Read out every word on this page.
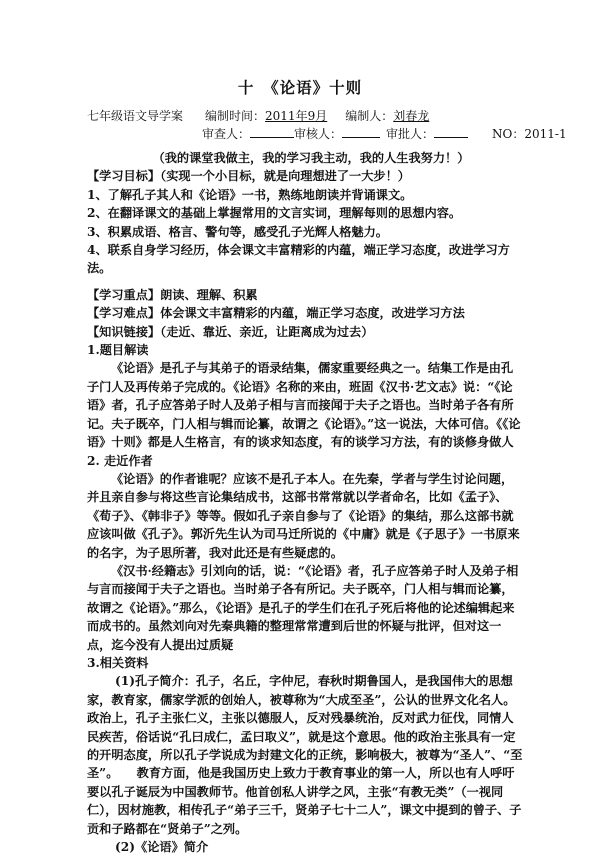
十　《论语》十则
七年级语文导学案 编制时间：2011年9月 编制人：刘春龙
审查人：	审核人：	审批人：	NO：2011-1

（我的课堂我做主，我的学习我主动，我的人生我努力！）

【学习目标】（实现一个小目标，就是向理想进了一大步！）

1、了解孔子其人和《论语》一书，熟练地朗读并背诵课文。

2、在翻译课文的基础上掌握常用的文言实词，理解每则的思想内容。

3、积累成语、格言、警句等，感受孔子光辉人格魅力。

4、联系自身学习经历，体会课文丰富精彩的内蕴，端正学习态度，改进学习方法。

【学习重点】朗读、理解、积累

【学习难点】体会课文丰富精彩的内蕴，端正学习态度，改进学习方法

【知识链接】（走近、靠近、亲近，让距离成为过去）

1.题目解读

《论语》是孔子与其弟子的语录结集，儒家重要经典之一。结集工作是由孔子门人及再传弟子完成的。《论语》名称的来由，班固《汉书·艺文志》说：“《论语》者，孔子应答弟子时人及弟子相与言而接闻于夫子之语也。当时弟子各有所记。夫子既卒，门人相与辑而论纂，故谓之《论语》。”这一说法，大体可信。《《论语》十则》都是人生格言，有的谈求知态度，有的谈学习方法，有的谈修身做人

2. 走近作者

《论语》的作者谁呢？应该不是孔子本人。在先秦，学者与学生讨论问题，并且亲自参与将这些言论集结成书，这部书常常就以学者命名，比如《孟子》、《荀子》、《韩非子》等等。假如孔子亲自参与了《论语》的集结，那么这部书就应该叫做《孔子》。郭沂先生认为司马迁所说的《中庸》就是《子思子》一书原来的名字，为子思所著，我对此还是有些疑虑的。

《汉书·经籍志》引刘向的话，说：“《论语》者，孔子应答弟子时人及弟子相与言而接闻于夫子之语也。当时弟子各有所记。夫子既卒，门人相与辑而论纂，故谓之《论语》。”那么，《论语》是孔子的学生们在孔子死后将他的论述编辑起来而成书的。虽然刘向对先秦典籍的整理常常遭到后世的怀疑与批评，但对这一点，迄今没有人提出过质疑

3.相关资料

(1)孔子简介：孔子，名丘，字仲尼，春秋时期鲁国人，是我国伟大的思想家，教育家，儒家学派的创始人，被尊称为“大成至圣”，公认的世界文化名人。政治上，孔子主张仁义，主张以德服人，反对残暴统治，反对武力征伐，同情人民疾苦，俗话说“孔曰成仁，孟曰取义”，就是这个意思。他的政治主张具有一定的开明态度，所以孔子学说成为封建文化的正统，影响极大，被尊为“圣人”、“至圣”。　　教育方面，他是我国历史上致力于教育事业的第一人，所以也有人呼吁要以孔子诞辰为中国教师节。他首创私人讲学之风，主张“有教无类”（一视同仁），因材施教，相传孔子“弟子三千，贤弟子七十二人”，课文中提到的曾子、子贡和子路都在“贤弟子”之列。

(2)《论语》简介
